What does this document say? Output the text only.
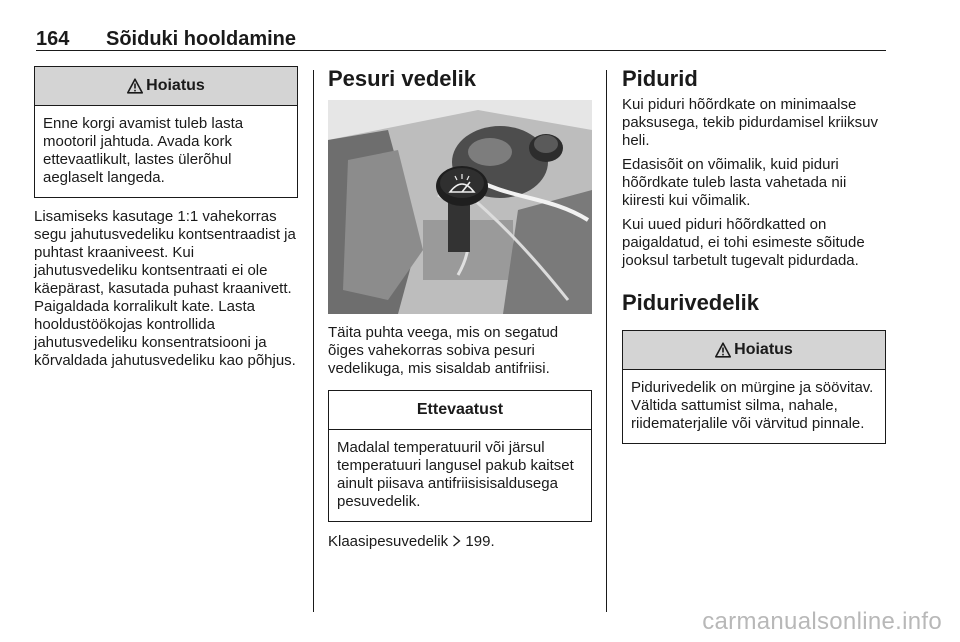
164 Sõiduki hooldamine
Hoiatus
Enne korgi avamist tuleb lasta mootoril jahtuda. Avada kork ettevaatlikult, lastes ülerõhul aeglaselt langeda.

Lisamiseks kasutage 1:1 vahekorras segu jahutusvedeliku kontsentraadist ja puhtast kraaniveest. Kui jahutusvedeliku kontsentraati ei ole käepärast, kasutada puhast kraanivett. Paigaldada korralikult kate. Lasta hooldustöökojas kontrollida jahutusvedeliku konsentratsiooni ja kõrvaldada jahutusvedeliku kao põhjus.

Pesuri vedelik

Täita puhta veega, mis on segatud õiges vahekorras sobiva pesuri vedelikuga, mis sisaldab antifriisi.

Ettevaatust
Madalal temperatuuril või järsul temperatuuri langusel pakub kaitset ainult piisava antifriisisisaldusega pesuvedelik.

Klaasipesuvedelik 199.

Pidurid

Kui piduri hõõrdkate on minimaalse paksusega, tekib pidurdamisel kriiksuv heli.

Edasisõit on võimalik, kuid piduri hõõrdkate tuleb lasta vahetada nii kiiresti kui võimalik.

Kui uued piduri hõõrdkatted on paigaldatud, ei tohi esimeste sõitude jooksul tarbetult tugevalt pidurdada.

Pidurivedelik
Hoiatus
Pidurivedelik on mürgine ja söövitav. Vältida sattumist silma, nahale, riidematerjalile või värvitud pinnale.
carmanualsonline.info
